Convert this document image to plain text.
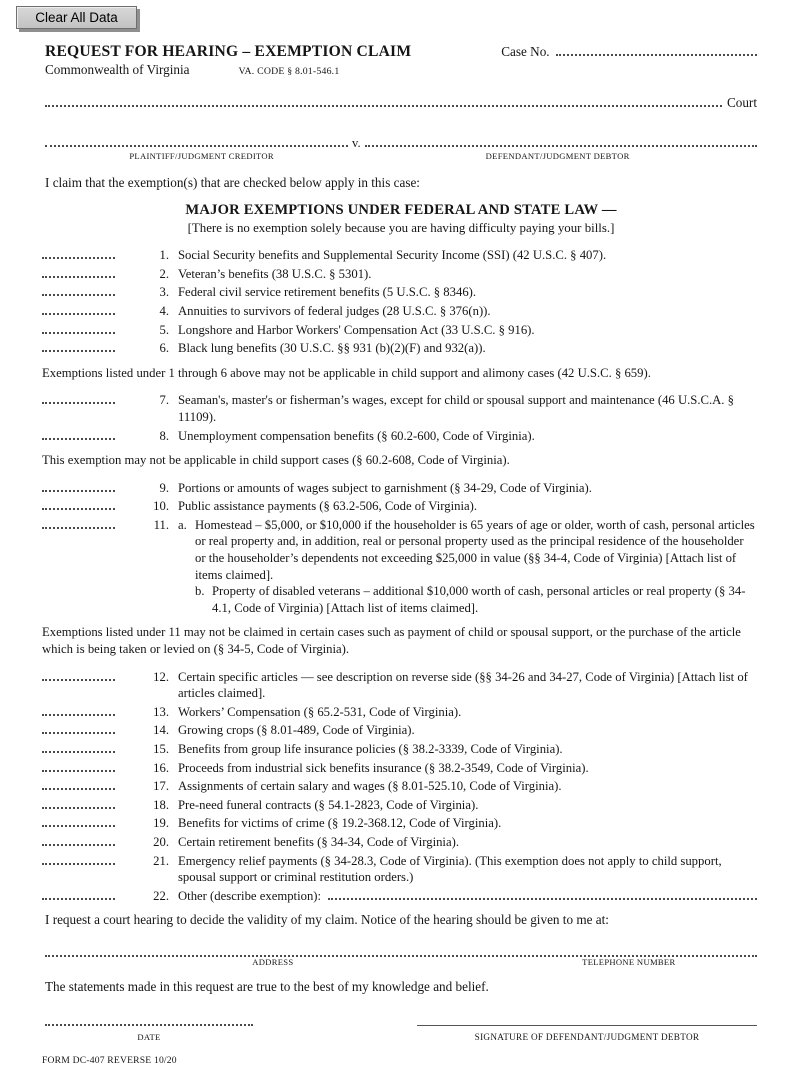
Clear All Data
REQUEST FOR HEARING – EXEMPTION CLAIM	Case No.
Commonwealth of Virginia	VA. CODE § 8.01-546.1
Court
v.
PLAINTIFF/JUDGMENT CREDITOR	DEFENDANT/JUDGMENT DEBTOR
I claim that the exemption(s) that are checked below apply in this case:
MAJOR EXEMPTIONS UNDER FEDERAL AND STATE LAW —
[There is no exemption solely because you are having difficulty paying your bills.]
1. Social Security benefits and Supplemental Security Income (SSI) (42 U.S.C. § 407).
2. Veteran’s benefits (38 U.S.C. § 5301).
3. Federal civil service retirement benefits (5 U.S.C. § 8346).
4. Annuities to survivors of federal judges (28 U.S.C. § 376(n)).
5. Longshore and Harbor Workers' Compensation Act (33 U.S.C. § 916).
6. Black lung benefits (30 U.S.C. §§ 931 (b)(2)(F) and 932(a)).
Exemptions listed under 1 through 6 above may not be applicable in child support and alimony cases (42 U.S.C. § 659).
7. Seaman's, master's or fisherman’s wages, except for child or spousal support and maintenance (46 U.S.C.A. § 11109).
8. Unemployment compensation benefits (§ 60.2-600, Code of Virginia).
This exemption may not be applicable in child support cases (§ 60.2-608, Code of Virginia).
9. Portions or amounts of wages subject to garnishment (§ 34-29, Code of Virginia).
10. Public assistance payments (§ 63.2-506, Code of Virginia).
11. a. Homestead – $5,000, or $10,000 if the householder is 65 years of age or older, worth of cash, personal articles or real property and, in addition, real or personal property used as the principal residence of the householder or the householder’s dependents not exceeding $25,000 in value (§§ 34-4, Code of Virginia) [Attach list of items claimed].
b. Property of disabled veterans – additional $10,000 worth of cash, personal articles or real property (§ 34-4.1, Code of Virginia) [Attach list of items claimed].
Exemptions listed under 11 may not be claimed in certain cases such as payment of child or spousal support, or the purchase of the article which is being taken or levied on (§ 34-5, Code of Virginia).
12. Certain specific articles — see description on reverse side (§§ 34-26 and 34-27, Code of Virginia) [Attach list of articles claimed].
13. Workers’ Compensation (§ 65.2-531, Code of Virginia).
14. Growing crops (§ 8.01-489, Code of Virginia).
15. Benefits from group life insurance policies (§ 38.2-3339, Code of Virginia).
16. Proceeds from industrial sick benefits insurance (§ 38.2-3549, Code of Virginia).
17. Assignments of certain salary and wages (§ 8.01-525.10, Code of Virginia).
18. Pre-need funeral contracts (§ 54.1-2823, Code of Virginia).
19. Benefits for victims of crime (§ 19.2-368.12, Code of Virginia).
20. Certain retirement benefits (§ 34-34, Code of Virginia).
21. Emergency relief payments (§ 34-28.3, Code of Virginia). (This exemption does not apply to child support, spousal support or criminal restitution orders.)
22. Other (describe exemption):
I request a court hearing to decide the validity of my claim. Notice of the hearing should be given to me at:
ADDRESS	TELEPHONE NUMBER
The statements made in this request are true to the best of my knowledge and belief.
DATE	SIGNATURE OF DEFENDANT/JUDGMENT DEBTOR
FORM DC-407 REVERSE 10/20
